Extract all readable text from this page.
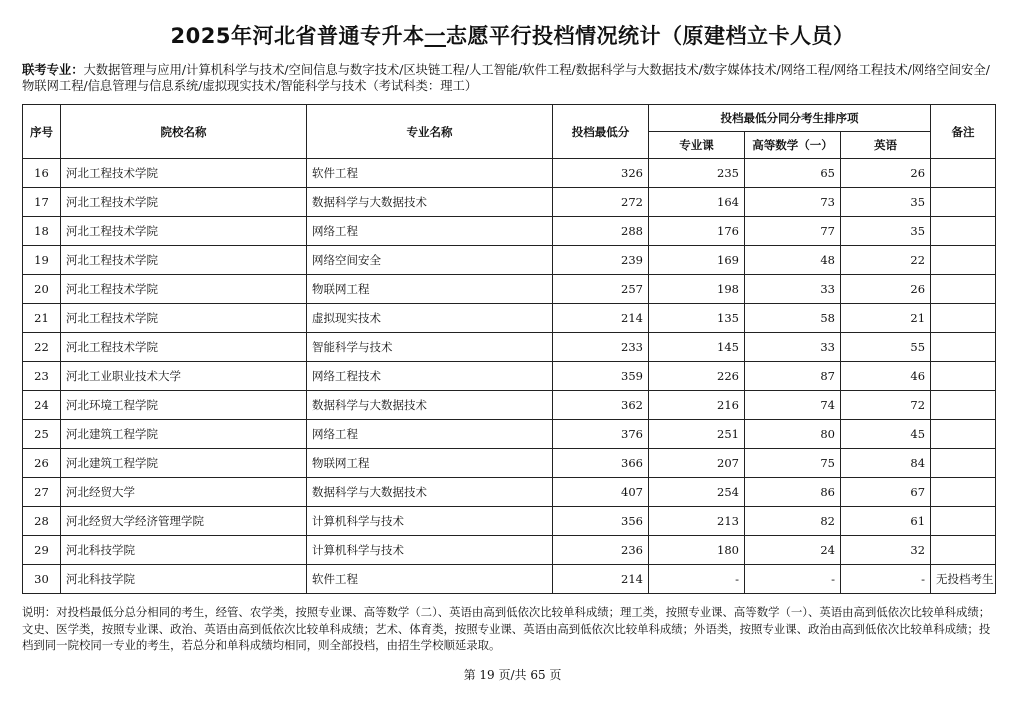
2025年河北省普通专升本一志愿平行投档情况统计（原建档立卡人员）
联考专业：大数据管理与应用/计算机科学与技术/空间信息与数字技术/区块链工程/人工智能/软件工程/数据科学与大数据技术/数字媒体技术/网络工程/网络工程技术/网络空间安全/物联网工程/信息管理与信息系统/虚拟现实技术/智能科学与技术（考试科类：理工）
序号	院校名称	专业名称	投档最低分	投档最低分同分考生排序项			备注
				专业课	高等数学（一）	英语	
16	河北工程技术学院	软件工程	326	235	65	26	
17	河北工程技术学院	数据科学与大数据技术	272	164	73	35	
18	河北工程技术学院	网络工程	288	176	77	35	
19	河北工程技术学院	网络空间安全	239	169	48	22	
20	河北工程技术学院	物联网工程	257	198	33	26	
21	河北工程技术学院	虚拟现实技术	214	135	58	21	
22	河北工程技术学院	智能科学与技术	233	145	33	55	
23	河北工业职业技术大学	网络工程技术	359	226	87	46	
24	河北环境工程学院	数据科学与大数据技术	362	216	74	72	
25	河北建筑工程学院	网络工程	376	251	80	45	
26	河北建筑工程学院	物联网工程	366	207	75	84	
27	河北经贸大学	数据科学与大数据技术	407	254	86	67	
28	河北经贸大学经济管理学院	计算机科学与技术	356	213	82	61	
29	河北科技学院	计算机科学与技术	236	180	24	32	
30	河北科技学院	软件工程	214	-	-	-	无投档考生
说明：对投档最低分总分相同的考生，经管、农学类，按照专业课、高等数学（二）、英语由高到低依次比较单科成绩；理工类，按照专业课、高等数学（一）、英语由高到低依次比较单科成绩；文史、医学类，按照专业课、政治、英语由高到低依次比较单科成绩；艺术、体育类，按照专业课、英语由高到低依次比较单科成绩；外语类，按照专业课、政治由高到低依次比较单科成绩；投档到同一院校同一专业的考生，若总分和单科成绩均相同，则全部投档，由招生学校顺延录取。
第 19 页/共 65 页
